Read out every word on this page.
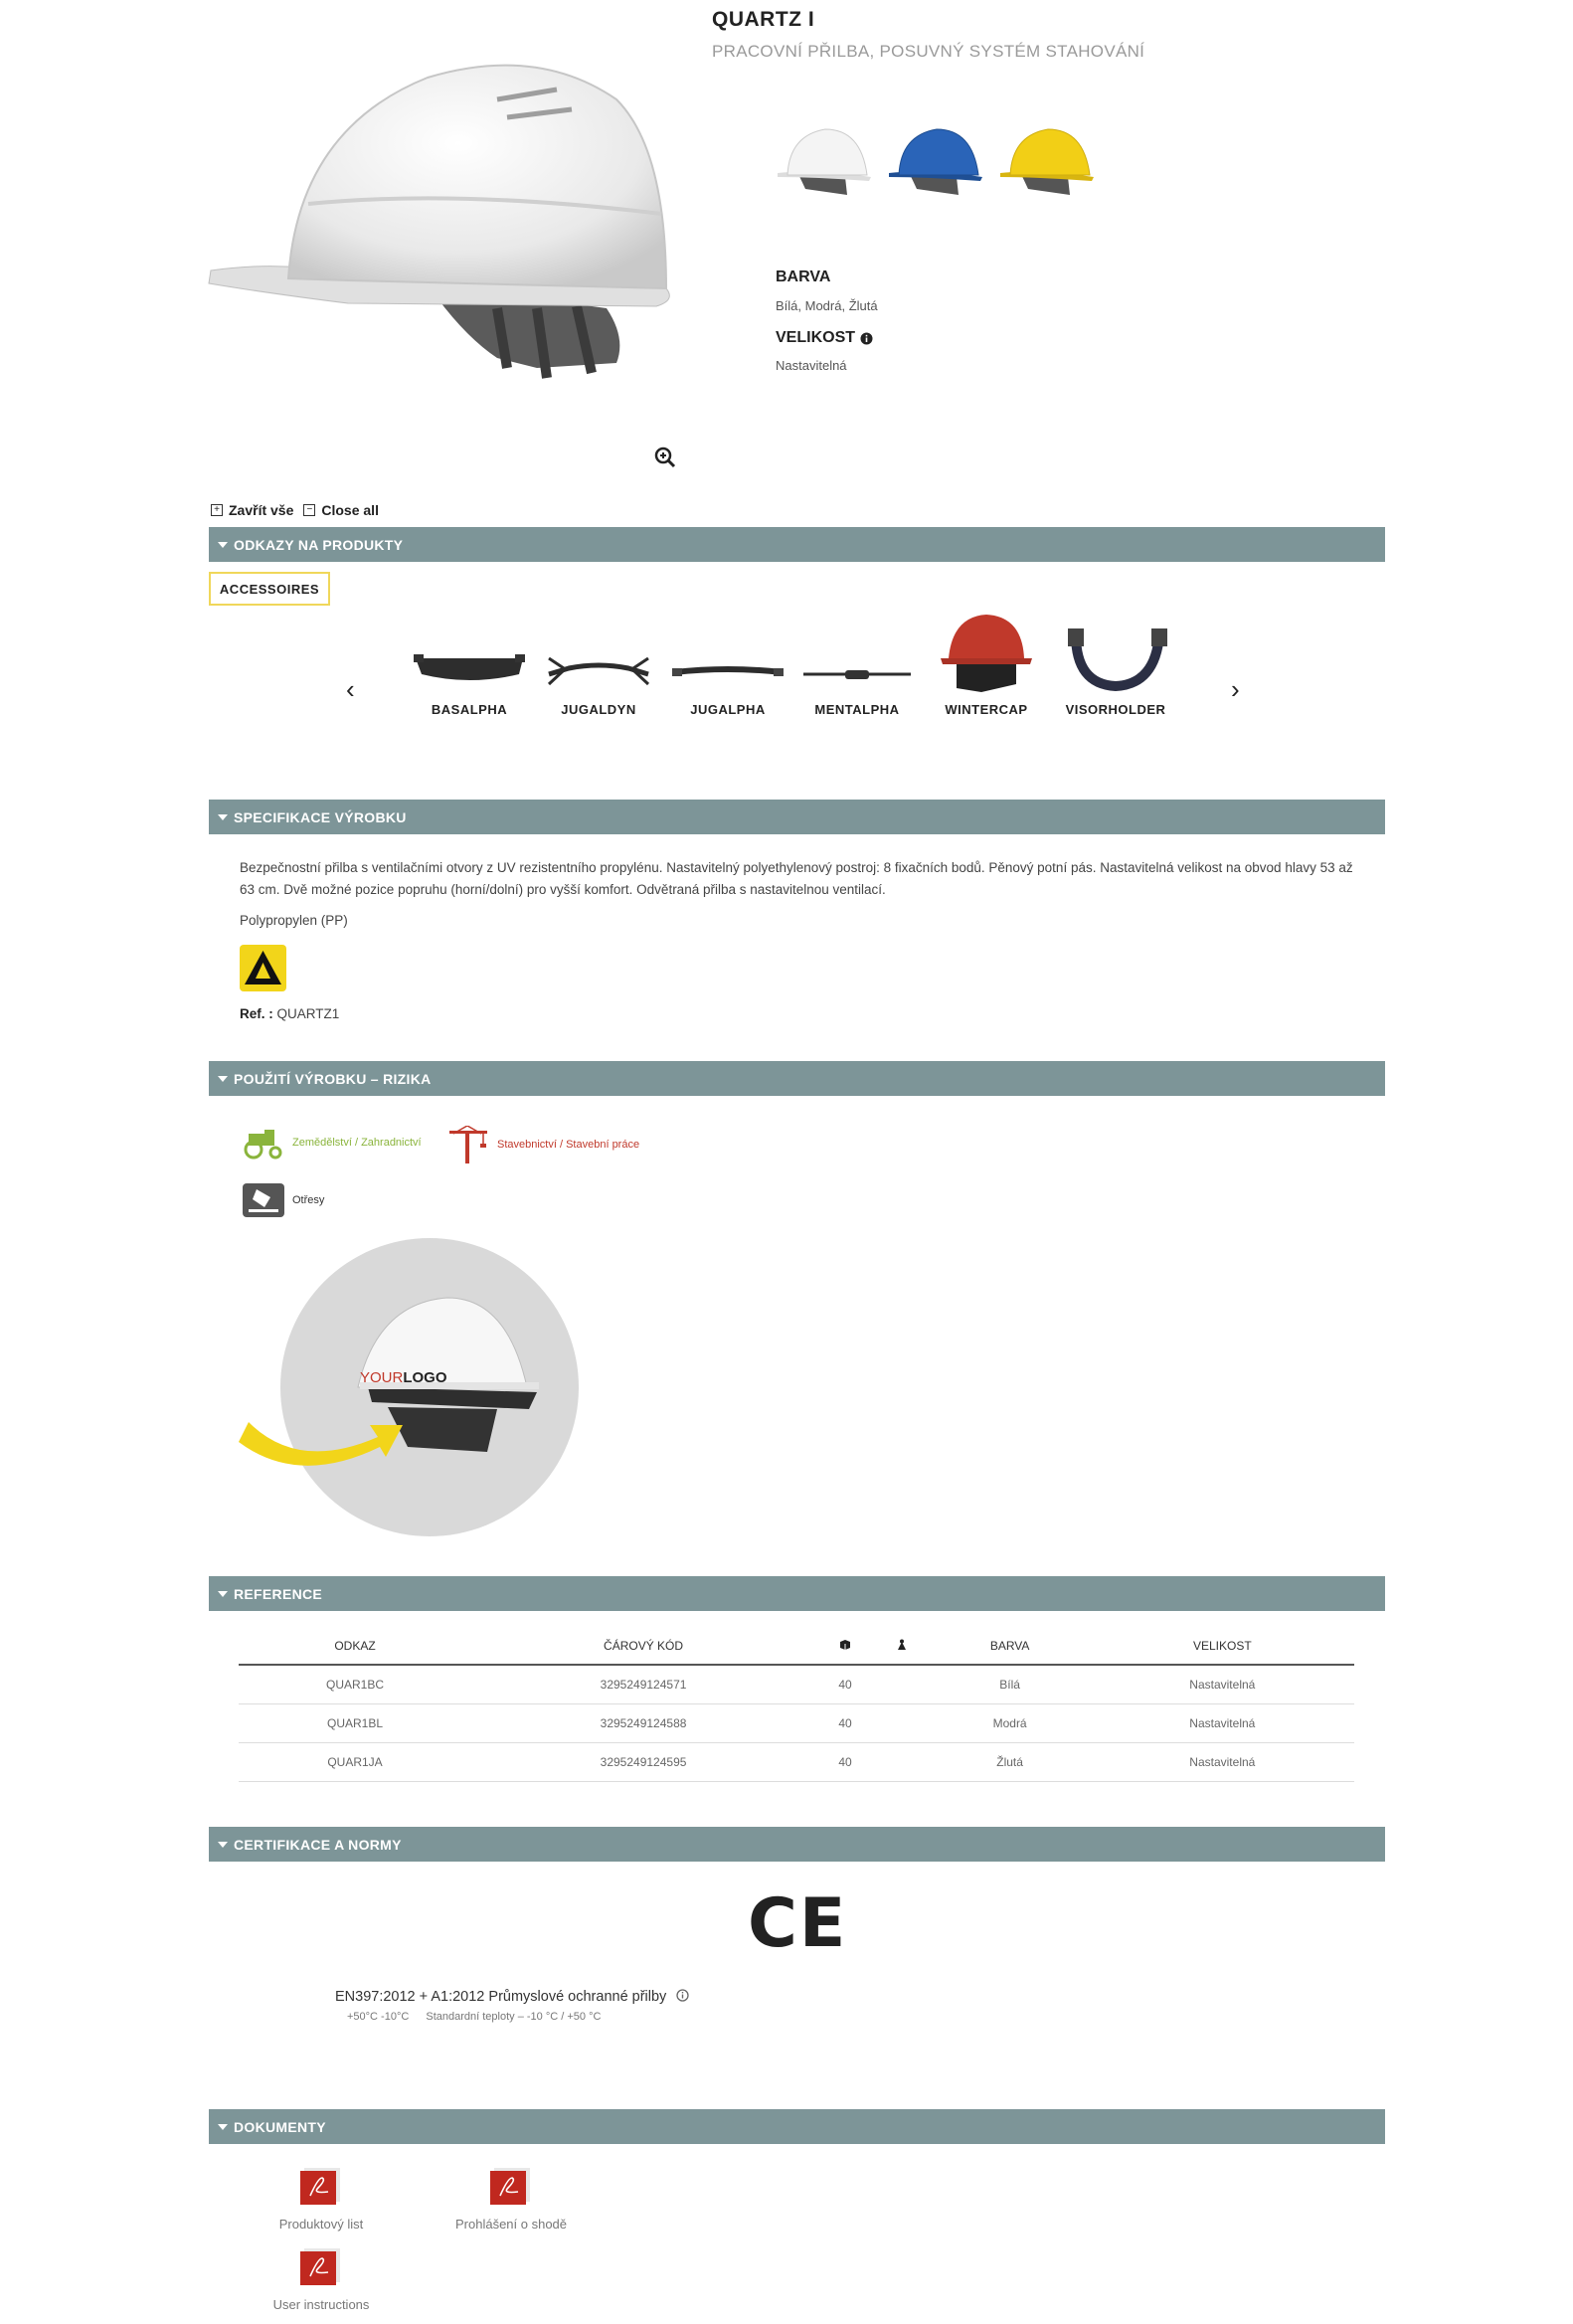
QUARTZ I
PRACOVNÍ PŘILBA, POSUVNÝ SYSTÉM STAHOVÁNÍ
BARVA
Bílá, Modrá, Žlutá
VELIKOST
Nastavitelná
+ Zavřít vše	− Close all
ODKAZY NA PRODUKTY
ACCESSOIRES
‹	›
BASALPHA	JUGALDYN	JUGALPHA	MENTALPHA	WINTERCAP	VISORHOLDER
SPECIFIKACE VÝROBKU
Bezpečnostní přilba s ventilačními otvory z UV rezistentního propylénu. Nastavitelný polyethylenový postroj: 8 fixačních bodů. Pěnový potní pás. Nastavitelná velikost na obvod hlavy 53 až 63 cm. Dvě možné pozice popruhu (horní/dolní) pro vyšší komfort. Odvětraná přilba s nastavitelnou ventilací.
Polypropylen (PP)
Ref. : QUARTZ1
POUŽITÍ VÝROBKU – RIZIKA
Zemědělství / Zahradnictví	Stavebnictví / Stavební práce
Otřesy
YOURLOGO
REFERENCE
ODKAZ	ČÁROVÝ KÓD			BARVA	VELIKOST
QUAR1BC	3295249124571	40		Bílá	Nastavitelná
QUAR1BL	3295249124588	40		Modrá	Nastavitelná
QUAR1JA	3295249124595	40		Žlutá	Nastavitelná
CERTIFIKACE A NORMY
CE
EN397:2012 + A1:2012 Průmyslové ochranné přilby
+50°C -10°C Standardní teploty – -10 °C / +50 °C
DOKUMENTY
Produktový list	Prohlášení o shodě
User instructions
